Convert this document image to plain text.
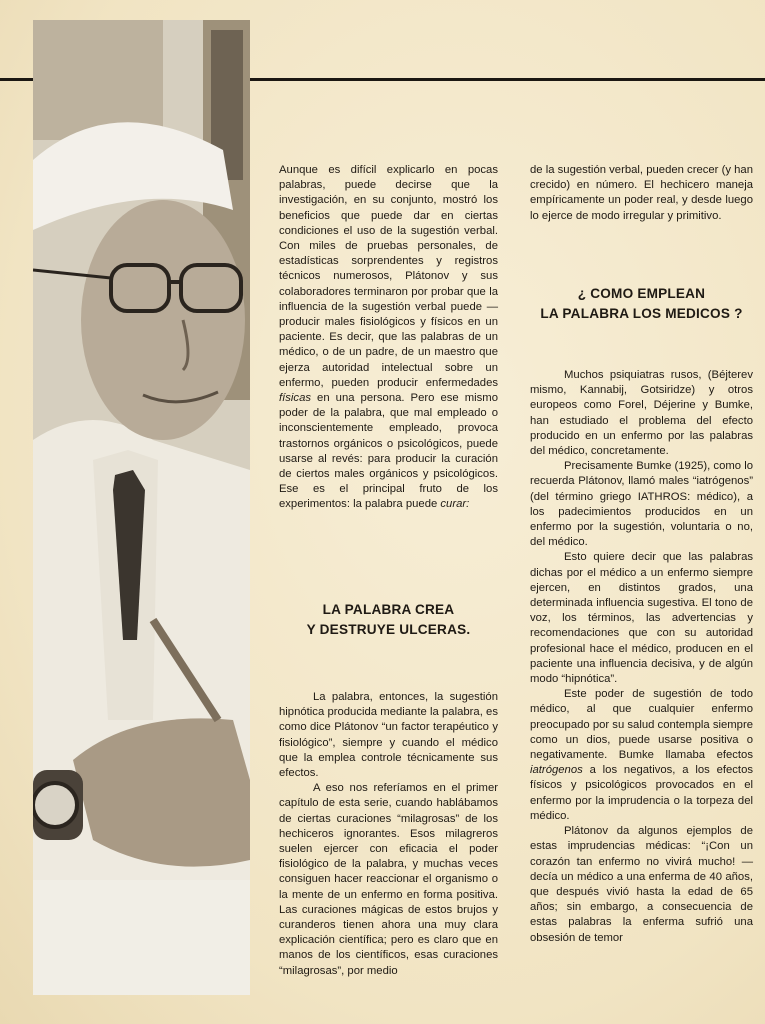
Aunque es difícil explicarlo en pocas palabras, puede decirse que la investigación, en su conjunto, mostró los beneficios que puede dar en ciertas condiciones el uso de la sugestión verbal. Con miles de pruebas personales, de estadísticas sorprendentes y registros técnicos numerosos, Plátonov y sus colaboradores terminaron por probar que la influencia de la sugestión verbal puede —producir males fisiológicos y físicos en un paciente. Es decir, que las palabras de un médico, o de un padre, de un maestro que ejerza autoridad intelectual sobre un enfermo, pueden producir enfermedades físicas en una persona. Pero ese mismo poder de la palabra, que mal empleado o inconscientemente empleado, provoca trastornos orgánicos o psicológicos, puede usarse al revés: para producir la curación de ciertos males orgánicos y psicológicos. Ese es el principal fruto de los experimentos: la palabra puede curar:

LA PALABRA CREA
Y DESTRUYE ULCERAS.

La palabra, entonces, la sugestión hipnótica producida mediante la palabra, es como dice Plátonov “un factor terapéutico y fisiológico”, siempre y cuando el médico que la emplea controle técnicamente sus efectos.

A eso nos referíamos en el primer capítulo de esta serie, cuando hablábamos de ciertas curaciones “milagrosas” de los hechiceros ignorantes. Esos milagreros suelen ejercer con eficacia el poder fisiológico de la palabra, y muchas veces consiguen hacer reaccionar el organismo o la mente de un enfermo en forma positiva. Las curaciones mágicas de estos brujos y curanderos tienen ahora una muy clara explicación científica; pero es claro que en manos de los científicos, esas curaciones “milagrosas”, por medio

de la sugestión verbal, pueden crecer (y han crecido) en número. El hechicero maneja empíricamente un poder real, y desde luego lo ejerce de modo irregular y primitivo.

¿ COMO EMPLEAN
LA PALABRA LOS MEDICOS ?

Muchos psiquiatras rusos, (Béjterev mismo, Kannabij, Gotsiridze) y otros europeos como Forel, Déjerine y Bumke, han estudiado el problema del efecto producido en un enfermo por las palabras del médico, concretamente.

Precisamente Bumke (1925), como lo recuerda Plátonov, llamó males “iatrógenos” (del término griego IATHROS: médico), a los padecimientos producidos en un enfermo por la sugestión, voluntaria o no, del médico.

Esto quiere decir que las palabras dichas por el médico a un enfermo siempre ejercen, en distintos grados, una determinada influencia sugestiva. El tono de voz, los términos, las advertencias y recomendaciones que con su autoridad profesional hace el médico, producen en el paciente una influencia decisiva, y de algún modo “hipnótica”.

Este poder de sugestión de todo médico, al que cualquier enfermo preocupado por su salud contempla siempre como un dios, puede usarse positiva o negativamente. Bumke llamaba efectos iatrógenos a los negativos, a los efectos físicos y psicológicos provocados en el enfermo por la imprudencia o la torpeza del médico.

Plátonov da algunos ejemplos de estas imprudencias médicas: “¡Con un corazón tan enfermo no vivirá mucho! —decía un médico a una enferma de 40 años, que después vivió hasta la edad de 65 años; sin embargo, a consecuencia de estas palabras la enferma sufrió una obsesión de temor
